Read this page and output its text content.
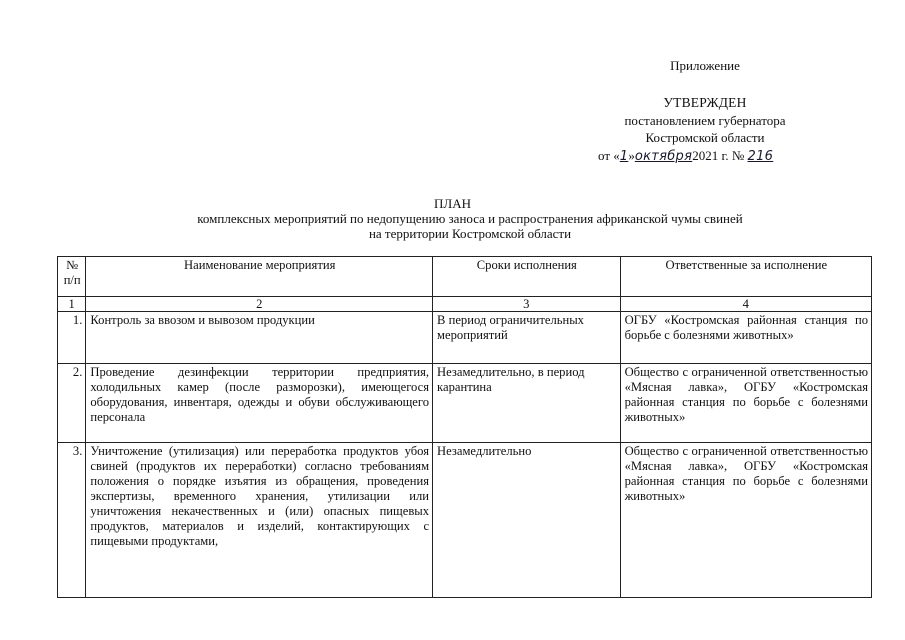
Приложение
УТВЕРЖДЕН
постановлением губернатора
Костромской области
от «1»октября2021 г. № 216
ПЛАН
комплексных мероприятий по недопущению заноса и распространения африканской чумы свиней
на территории Костромской области
№ п/п	Наименование мероприятия	Сроки исполнения	Ответственные за исполнение
1	2	3	4
1.	Контроль за ввозом и вывозом продукции	В период ограничительных мероприятий	ОГБУ «Костромская районная станция по борьбе с болезнями животных»
2.	Проведение дезинфекции территории предприятия, холодильных камер (после разморозки), имеющегося оборудования, инвентаря, одежды и обуви обслуживающего персонала	Незамедлительно, в период карантина	Общество с ограниченной ответственностью «Мясная лавка», ОГБУ «Костромская районная станция по борьбе с болезнями животных»
3.	Уничтожение (утилизация) или переработка продуктов убоя свиней (продуктов их переработки) согласно требованиям положения о порядке изъятия из обращения, проведения экспертизы, временного хранения, утилизации или уничтожения некачественных и (или) опасных пищевых продуктов, материалов и изделий, контактирующих с пищевыми продуктами,	Незамедлительно	Общество с ограниченной ответственностью «Мясная лавка», ОГБУ «Костромская районная станция по борьбе с болезнями животных»
